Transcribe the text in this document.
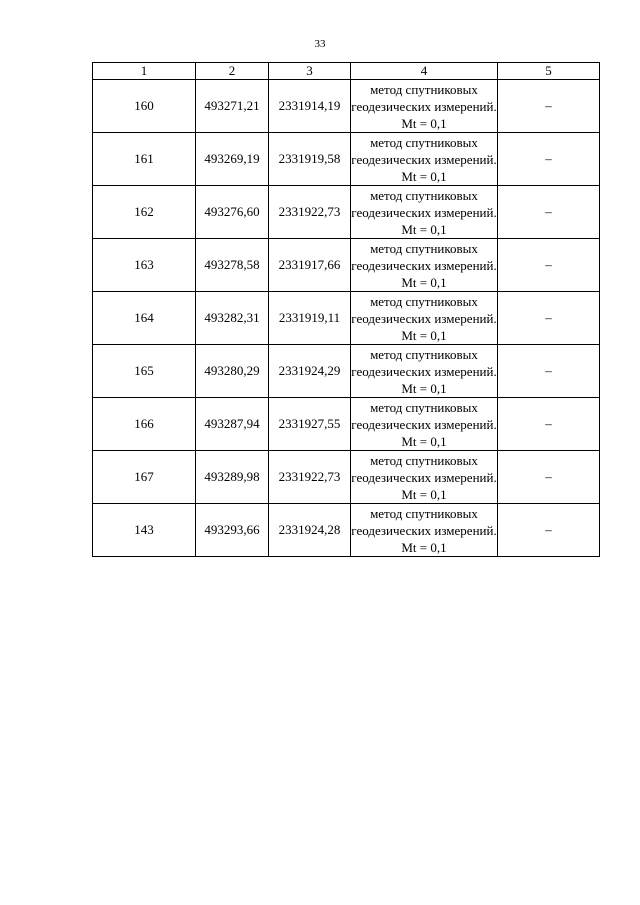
33
1	2	3	4	5
160	493271,21	2331914,19	метод спутниковых геодезических измерений. Mt = 0,1	–
161	493269,19	2331919,58	метод спутниковых геодезических измерений. Mt = 0,1	–
162	493276,60	2331922,73	метод спутниковых геодезических измерений. Mt = 0,1	–
163	493278,58	2331917,66	метод спутниковых геодезических измерений. Mt = 0,1	–
164	493282,31	2331919,11	метод спутниковых геодезических измерений. Mt = 0,1	–
165	493280,29	2331924,29	метод спутниковых геодезических измерений. Mt = 0,1	–
166	493287,94	2331927,55	метод спутниковых геодезических измерений. Mt = 0,1	–
167	493289,98	2331922,73	метод спутниковых геодезических измерений. Mt = 0,1	–
143	493293,66	2331924,28	метод спутниковых геодезических измерений. Mt = 0,1	–
